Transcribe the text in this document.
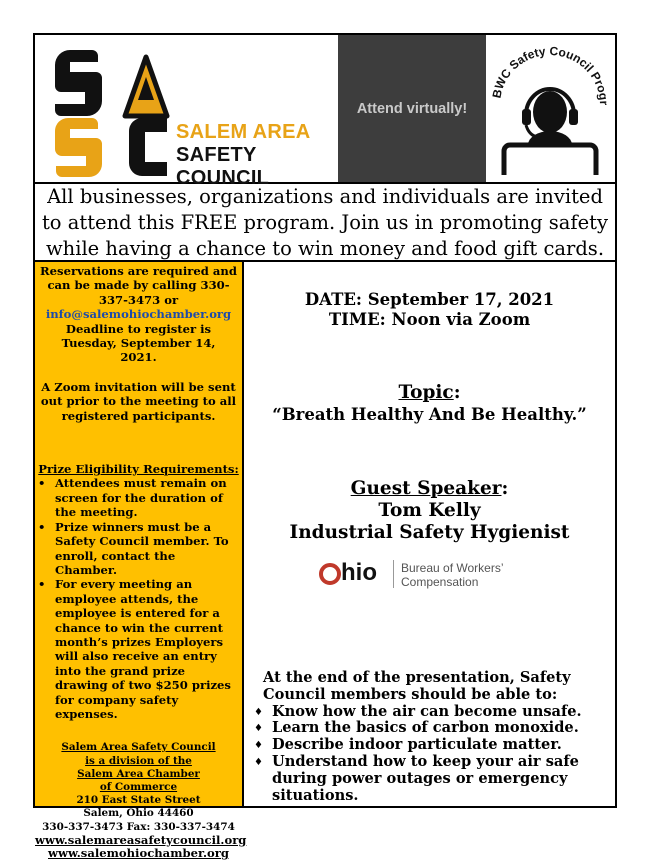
SALEM AREA
SAFETY COUNCIL
Attend virtually!
BWC Safety Council Progr
All businesses, organizations and individuals are invited to attend this FREE program. Join us in promoting safety while having a chance to win money and food gift cards.
Reservations are required and can be made by calling 330-337-3473 or
info@salemohiochamber.org
Deadline to register is Tuesday, September 14, 2021.
A Zoom invitation will be sent out prior to the meeting to all registered participants.
Prize Eligibility Requirements:
• Attendees must remain on screen for the duration of the meeting.
• Prize winners must be a Safety Council member. To enroll, contact the Chamber.
• For every meeting an employee attends, the employee is entered for a chance to win the current month’s prizes Employers will also receive an entry into the grand prize drawing of two $250 prizes for company safety expenses.
Salem Area Safety Council
is a division of the
Salem Area Chamber
of Commerce
210 East State Street
Salem, Ohio 44460
330-337-3473 Fax: 330-337-3474
www.salemareasafetycouncil.org
www.salemohiochamber.org
DATE: September 17, 2021
TIME: Noon via Zoom
Topic:
“Breath Healthy And Be Healthy.”
Guest Speaker:
Tom Kelly
Industrial Safety Hygienist
hio Bureau of Workers’
Compensation
At the end of the presentation, Safety Council members should be able to:
♦ Know how the air can become unsafe.
♦ Learn the basics of carbon monoxide.
♦ Describe indoor particulate matter.
♦ Understand how to keep your air safe during power outages or emergency situations.
